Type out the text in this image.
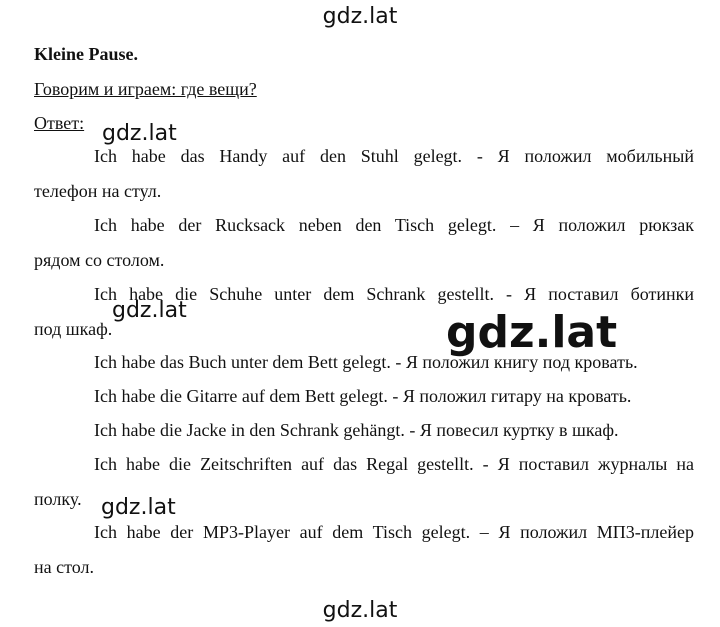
gdz.lat
Kleine Pause.
Говорим и играем: где вещи?
Ответ:
Ich habe das Handy auf den Stuhl gelegt. - Я положил мобильный
телефон на стул.
Ich habe der Rucksack neben den Tisch gelegt. – Я положил рюкзак
рядом со столом.
Ich habe die Schuhe unter dem Schrank gestellt. - Я поставил ботинки
под шкаф.
Ich habe das Buch unter dem Bett gelegt. - Я положил книгу под кровать.
Ich habe die Gitarre auf dem Bett gelegt. - Я положил гитару на кровать.
Ich habe die Jacke in den Schrank gehängt. - Я повесил куртку в шкаф.
Ich habe die Zeitschriften auf das Regal gestellt. - Я поставил журналы на
полку.
Ich habe der MP3-Player auf dem Tisch gelegt. – Я положил МП3-плейер
на стол.
gdz.lat
gdz.lat	gdz.lat
gdz.lat
gdz.lat
